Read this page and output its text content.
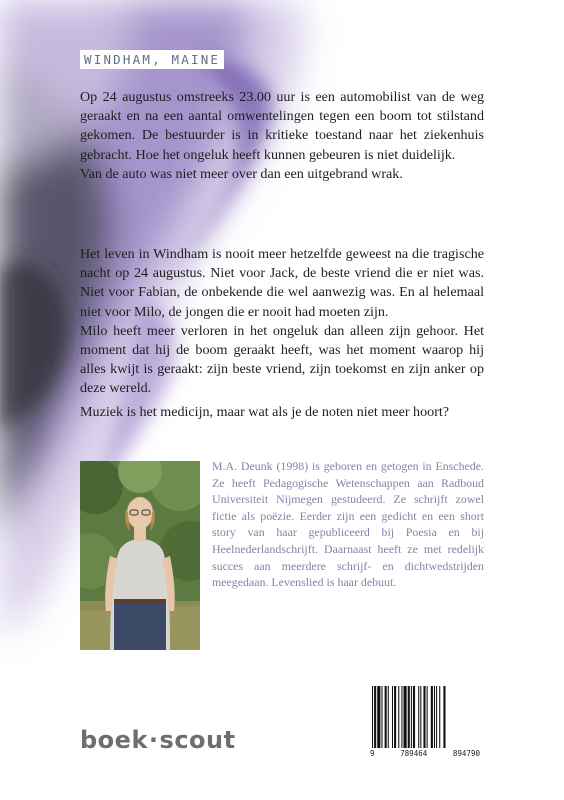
WINDHAM, MAINE

Op 24 augustus omstreeks 23.00 uur is een automobilist van de weg geraakt en na een aantal omwentelingen tegen een boom tot stilstand gekomen. De bestuurder is in kritieke toestand naar het ziekenhuis gebracht. Hoe het ongeluk heeft kunnen gebeuren is niet duidelijk.

Van de auto was niet meer over dan een uitgebrand wrak.

Het leven in Windham is nooit meer hetzelfde geweest na die tragische nacht op 24 augustus. Niet voor Jack, de beste vriend die er niet was. Niet voor Fabian, de onbekende die wel aanwezig was. En al helemaal niet voor Milo, de jongen die er nooit had moeten zijn.

Milo heeft meer verloren in het ongeluk dan alleen zijn gehoor. Het moment dat hij de boom geraakt heeft, was het moment waarop hij alles kwijt is geraakt: zijn beste vriend, zijn toekomst en zijn anker op deze wereld.

Muziek is het medicijn, maar wat als je de noten niet meer hoort?

M.A. Deunk (1998) is geboren en getogen in Enschede. Ze heeft Pedagogische Wetenschappen aan Radboud Universiteit Nijmegen gestudeerd. Ze schrijft zowel fictie als poëzie. Eerder zijn een gedicht en een short story van haar gepubliceerd bij Poesia en bij Heelnederlandschrijft. Daarnaast heeft ze met redelijk succes aan meerdere schrijf- en dichtwedstrijden meegedaan. Levenslied is haar debuut.
boek·scout	9	789464	894790
